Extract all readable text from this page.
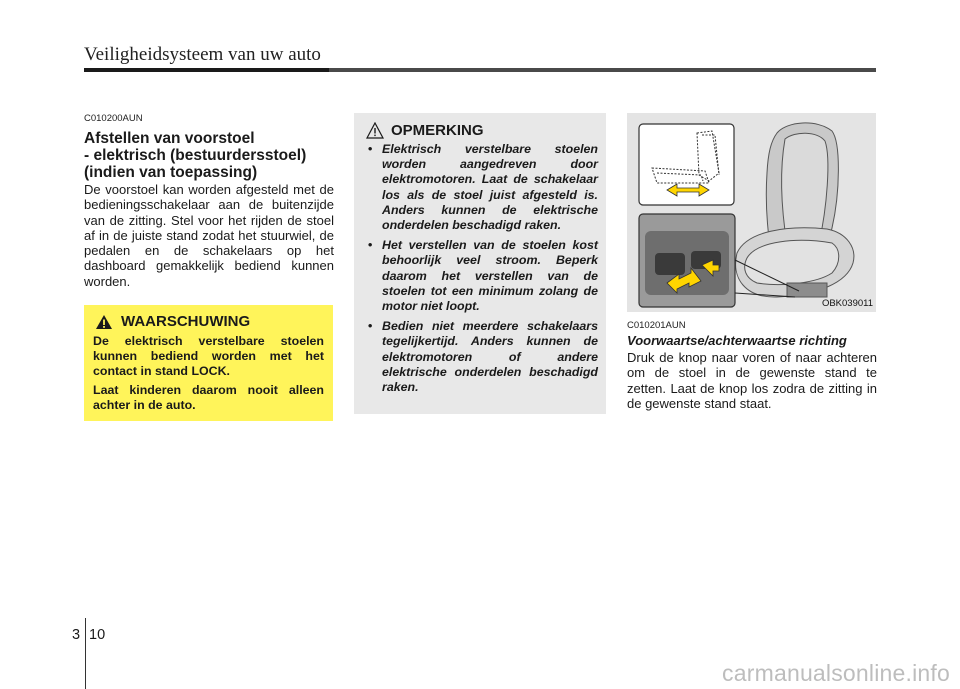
Veiligheidsysteem van uw auto
C010200AUN
Afstellen van voorstoel
- elektrisch (bestuurdersstoel)
(indien van toepassing)

De voorstoel kan worden afgesteld met de bedieningsschakelaar aan de buitenzijde van de zitting. Stel voor het rijden de stoel af in de juiste stand zodat het stuurwiel, de pedalen en de schakelaars op het dashboard gemakkelijk bediend kunnen worden.

WAARSCHUWING

De elektrisch verstelbare stoelen kunnen bediend worden met het contact in stand LOCK.

Laat kinderen daarom nooit alleen achter in de auto.

OPMERKING
• Elektrisch verstelbare stoelen worden aangedreven door elektromotoren. Laat de schakelaar los als de stoel juist afgesteld is. Anders kunnen de elektrische onderdelen beschadigd raken.
• Het verstellen van de stoelen kost behoorlijk veel stroom. Beperk daarom het verstellen van de stoelen tot een minimum zolang de motor niet loopt.
• Bedien niet meerdere schakelaars tegelijkertijd. Anders kunnen de elektromotoren of andere elektrische onderdelen beschadigd raken.
OBK039011
C010201AUN
Voorwaartse/achterwaartse richting

Druk de knop naar voren of naar achteren om de stoel in de gewenste stand te zetten. Laat de knop los zodra de zitting in de gewenste stand staat.

3 10
carmanualsonline.info
